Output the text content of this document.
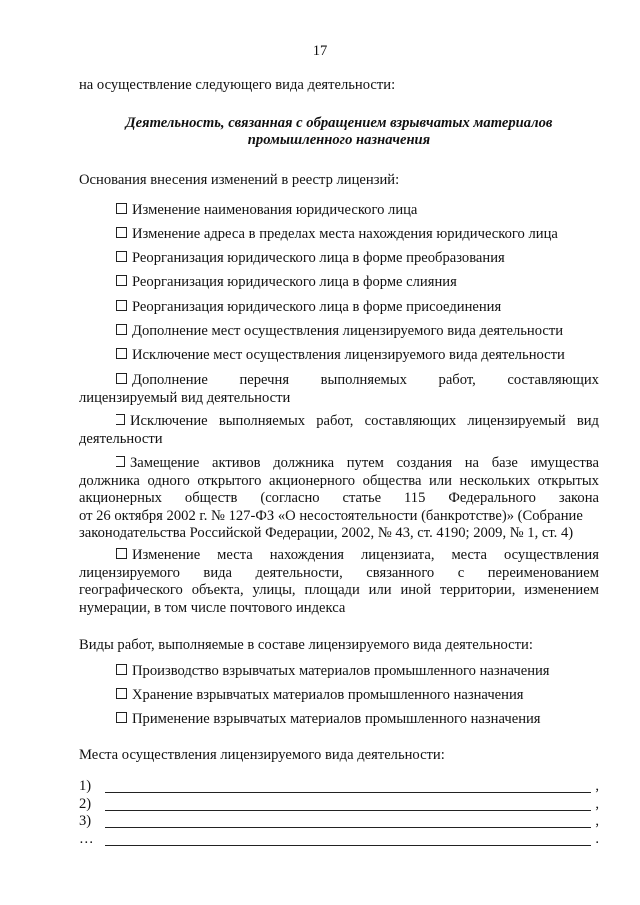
17
на осуществление следующего вида деятельности:
Деятельность, связанная с обращением взрывчатых материалов
промышленного назначения
Основания внесения изменений в реестр лицензий:
Изменение наименования юридического лица
Изменение адреса в пределах места нахождения юридического лица
Реорганизация юридического лица в форме преобразования
Реорганизация юридического лица в форме слияния
Реорганизация юридического лица в форме присоединения
Дополнение мест осуществления лицензируемого вида деятельности
Исключение мест осуществления лицензируемого вида деятельности
Дополнение перечня выполняемых работ, составляющих
лицензируемый вид деятельности
Исключение выполняемых работ, составляющих лицензируемый вид
деятельности
Замещение активов должника путем создания на базе имущества
должника одного открытого акционерного общества или нескольких открытых
акционерных обществ (согласно статье 115 Федерального закона
от 26 октября 2002 г. № 127-ФЗ «О несостоятельности (банкротстве)» (Собрание
законодательства Российской Федерации, 2002, № 43, ст. 4190; 2009, № 1, ст. 4)
Изменение места нахождения лицензиата, места осуществления
лицензируемого вида деятельности, связанного с переименованием
географического объекта, улицы, площади или иной территории, изменением
нумерации, в том числе почтового индекса
Виды работ, выполняемые в составе лицензируемого вида деятельности:
Производство взрывчатых материалов промышленного назначения
Хранение взрывчатых материалов промышленного назначения
Применение взрывчатых материалов промышленного назначения
Места осуществления лицензируемого вида деятельности:
1)	,
2)	,
3)	,
…	.
